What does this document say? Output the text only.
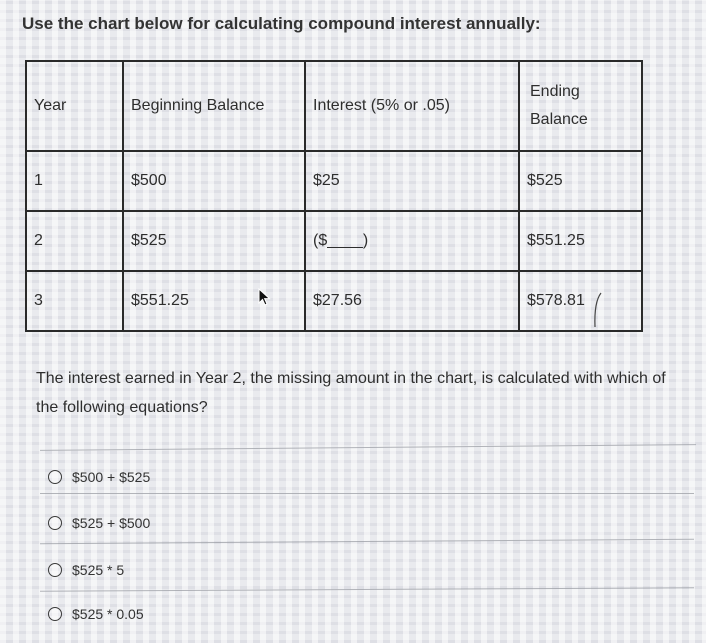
Use the chart below for calculating compound interest annually:
Year	Beginning Balance	Interest (5% or .05)	Ending Balance
1	$500	$25	$525
2	$525	($____)	$551.25
3	$551.25	$27.56	$578.81
The interest earned in Year 2, the missing amount in the chart, is calculated with which of the following equations?
$500 + $525
$525 + $500
$525 * 5
$525 * 0.05
